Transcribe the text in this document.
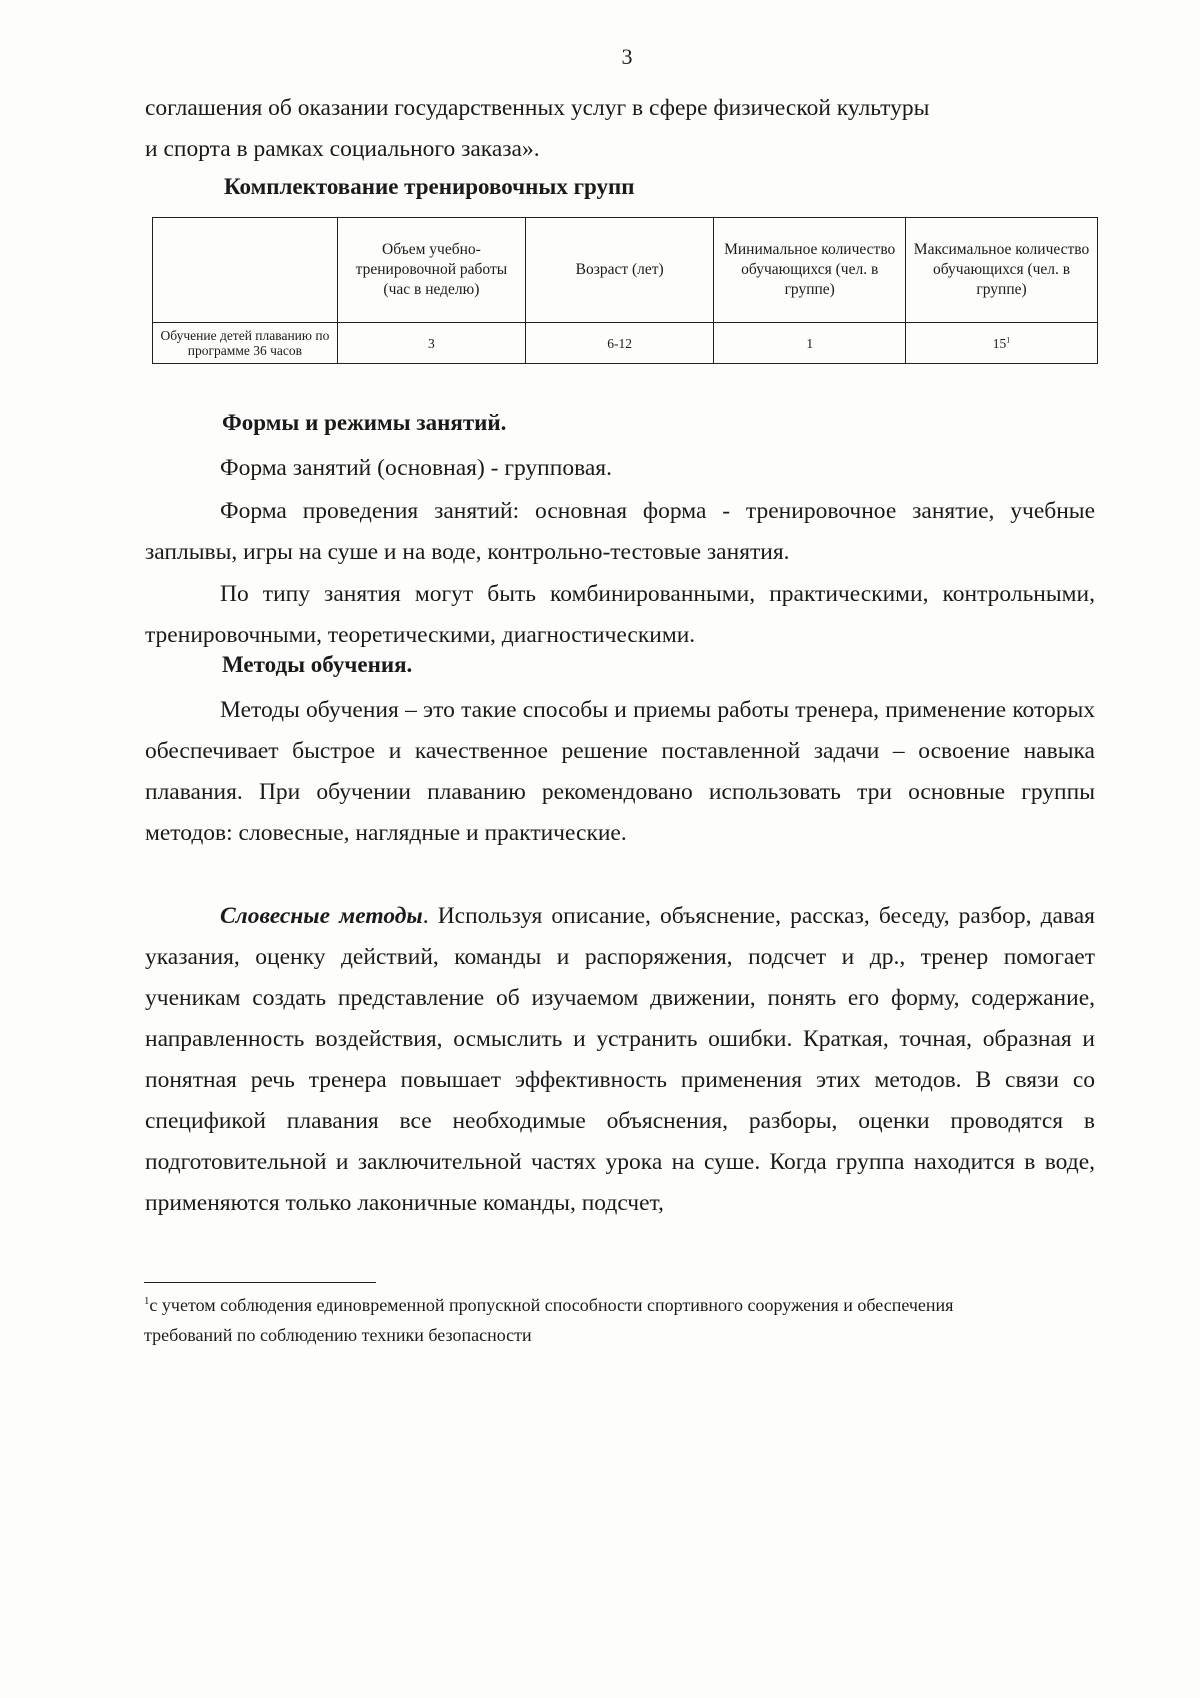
3
соглашения об оказании государственных услуг в сфере физической культуры
и спорта в рамках социального заказа».
Комплектование тренировочных групп
	Объем учебно-тренировочной работы (час в неделю)	Возраст (лет)	Минимальное количество обучающихся (чел. в группе)	Максимальное количество обучающихся (чел. в группе)
Обучение детей плаванию по программе 36 часов	3	6-12	1	$15^1$
Формы и режимы занятий.
Форма занятий (основная) - групповая.
Форма проведения занятий: основная форма - тренировочное занятие, учебные заплывы, игры на суше и на воде, контрольно-тестовые занятия.
По типу занятия могут быть комбинированными, практическими, контрольными, тренировочными, теоретическими, диагностическими.
Методы обучения.
Методы обучения – это такие способы и приемы работы тренера, применение которых обеспечивает быстрое и качественное решение поставленной задачи – освоение навыка плавания. При обучении плаванию рекомендовано использовать три основные группы методов: словесные, наглядные и практические.
Словесные методы. Используя описание, объяснение, рассказ, беседу, разбор, давая указания, оценку действий, команды и распоряжения, подсчет и др., тренер помогает ученикам создать представление об изучаемом движении, понять его форму, содержание, направленность воздействия, осмыслить и устранить ошибки. Краткая, точная, образная и понятная речь тренера повышает эффективность применения этих методов. В связи со спецификой плавания все необходимые объяснения, разборы, оценки проводятся в подготовительной и заключительной частях урока на суше. Когда группа находится в воде, применяются только лаконичные команды, подсчет,
$^1$с учетом соблюдения единовременной пропускной способности спортивного сооружения и обеспечения требований по соблюдению техники безопасности
